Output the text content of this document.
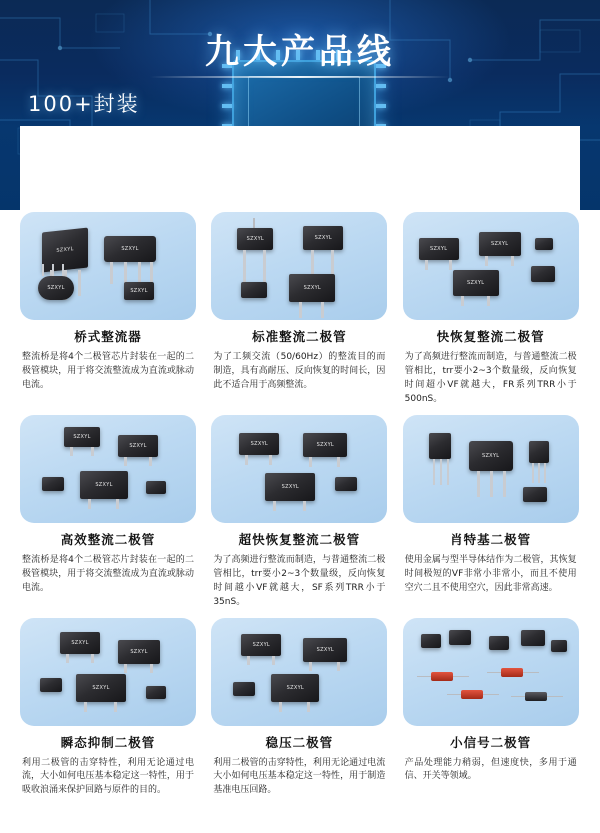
九大产品线
100+封装
SZXYL	SZXYL
SZXYL	SZXYL
桥式整流器
整流桥是将4个二极管芯片封装在一起的二极管模块，用于将交流整流成为直流或脉动电流。
SZXYL	SZXYL
SZXYL
标准整流二极管
为了工频交流（50/60Hz）的整流目的而制造，具有高耐压、反向恢复的时间长，因此不适合用于高频整流。
SZXYL
SZXYL
SZXYL
快恢复整流二极管
为了高频进行整流而制造，与普通整流二极管相比，trr要小2~3个数量级，反向恢复时间超小VF就越大，FR系列TRR小于500nS。
SZXYL
SZXYL
SZXYL
高效整流二极管
整流桥是将4个二极管芯片封装在一起的二极管模块，用于将交流整流成为直流或脉动电流。
SZXYL	SZXYL
SZXYL
超快恢复整流二极管
为了高频进行整流而制造，与普通整流二极管相比，trr要小2~3个数量级，反向恢复时间越小VF就越大，SF系列TRR小于35nS。
SZXYL
肖特基二极管
使用金属与型半导体结作为二极管，其恢复时间极短的VF非常小非常小，而且不使用空穴二且不使用空穴，因此非常高速。
SZXYL
SZXYL
SZXYL
瞬态抑制二极管
利用二极管的击穿特性，利用无论通过电流，大小如何电压基本稳定这一特性，用于吸收浪涌来保护回路与原件的目的。
SZXYL
SZXYL
SZXYL
稳压二极管
利用二极管的击穿特性，利用无论通过电流大小如何电压基本稳定这一特性，用于制造基准电压回路。
小信号二极管
产品处理能力稍弱，但速度快，多用于通信、开关等领域。
